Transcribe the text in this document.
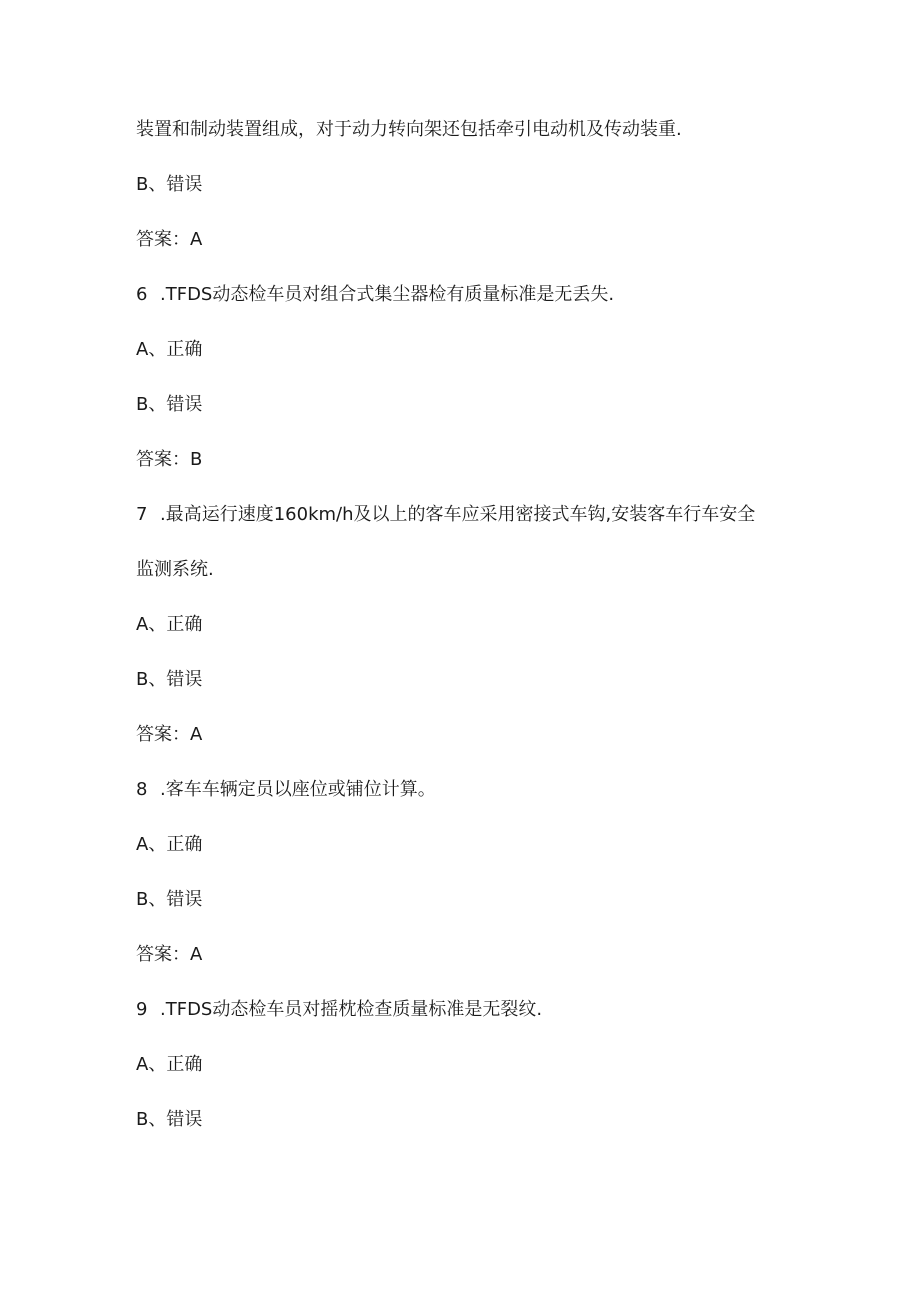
装置和制动装置组成，对于动力转向架还包括牵引电动机及传动装重.
B、错误
答案：A
6 .TFDS动态检车员对组合式集尘器检有质量标准是无丢失.
A、正确
B、错误
答案：B
7 .最高运行速度160km∕h及以上的客车应采用密接式车钩,安装客车行车安全
监测系统.
A、正确
B、错误
答案：A
8 .客车车辆定员以座位或铺位计算。
A、正确
B、错误
答案：A
9 .TFDS动态检车员对摇枕检查质量标准是无裂纹.
A、正确
B、错误
